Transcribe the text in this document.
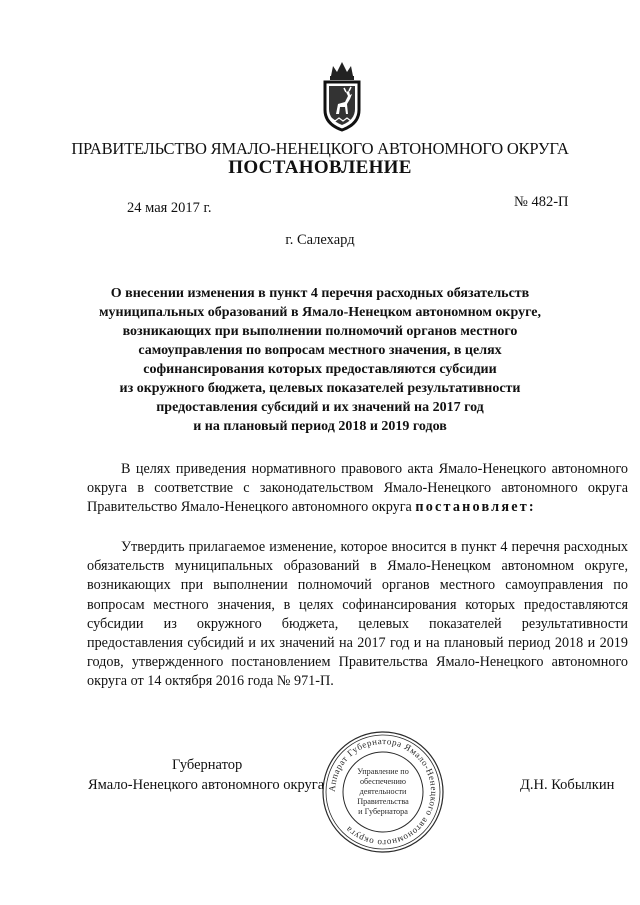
ПРАВИТЕЛЬСТВО ЯМАЛО-НЕНЕЦКОГО АВТОНОМНОГО ОКРУГА
ПОСТАНОВЛЕНИЕ
24 мая 2017 г.	№ 482-П
г. Салехард
О внесении изменения в пункт 4 перечня расходных обязательств
муниципальных образований в Ямало-Ненецком автономном округе,
возникающих при выполнении полномочий органов местного
самоуправления по вопросам местного значения, в целях
софинансирования которых предоставляются субсидии
из окружного бюджета, целевых показателей результативности
предоставления субсидий и их значений на 2017 год
и на плановый период 2018 и 2019 годов
В целях приведения нормативного правового акта Ямало-Ненецкого автономного округа в соответствие с законодательством Ямало-Ненецкого автономного округа Правительство Ямало-Ненецкого автономного округа постановляет:
Утвердить прилагаемое изменение, которое вносится в пункт 4 перечня расходных обязательств муниципальных образований в Ямало-Ненецком автономном округе, возникающих при выполнении полномочий органов местного самоуправления по вопросам местного значения, в целях софинансирования которых предоставляются субсидии из окружного бюджета, целевых показателей результативности предоставления субсидий и их значений на 2017 год и на плановый период 2018 и 2019 годов, утвержденного постановлением Правительства Ямало-Ненецкого автономного округа от 14 октября 2016 года № 971-П.
Губернатор
Ямало-Ненецкого автономного округа	Д.Н. Кобылкин
Аппарат Губернатора Ямало-Ненецкого автономного округа
Управление по
обеспечению
деятельности
Правительства
и Губернатора
